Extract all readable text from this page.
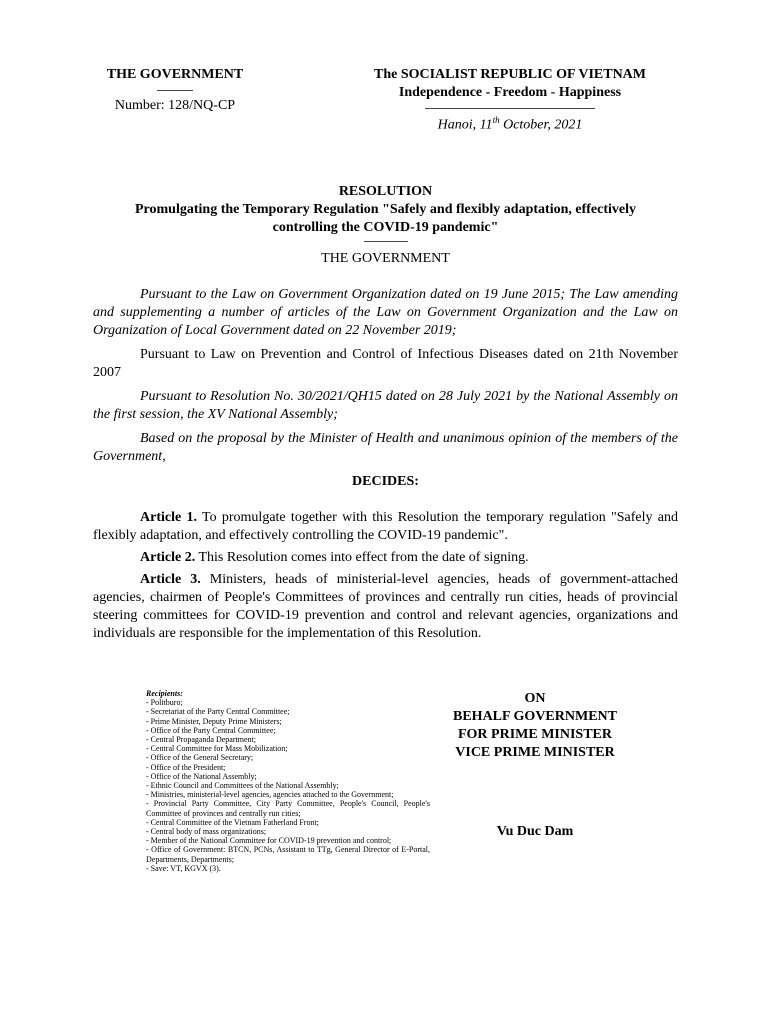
THE GOVERNMENT
Number: 128/NQ-CP
The SOCIALIST REPUBLIC OF VIETNAM
Independence - Freedom - Happiness
Hanoi, 11th October, 2021
RESOLUTION
Promulgating the Temporary Regulation "Safely and flexibly adaptation, effectively
controlling the COVID-19 pandemic"
THE GOVERNMENT

Pursuant to the Law on Government Organization dated on 19 June 2015; The Law amending and supplementing a number of articles of the Law on Government Organization and the Law on Organization of Local Government dated on 22 November 2019;

Pursuant to Law on Prevention and Control of Infectious Diseases dated on 21th November 2007

Pursuant to Resolution No. 30/2021/QH15 dated on 28 July 2021 by the National Assembly on the first session, the XV National Assembly;

Based on the proposal by the Minister of Health and unanimous opinion of the members of the Government,

DECIDES:

Article 1. To promulgate together with this Resolution the temporary regulation "Safely and flexibly adaptation, and effectively controlling the COVID-19 pandemic".

Article 2. This Resolution comes into effect from the date of signing.

Article 3. Ministers, heads of ministerial-level agencies, heads of government-attached agencies, chairmen of People's Committees of provinces and centrally run cities, heads of provincial steering committees for COVID-19 prevention and control and relevant agencies, organizations and individuals are responsible for the implementation of this Resolution.

Recipients:
- Politburo;
- Secretariat of the Party Central Committee;
- Prime Minister, Deputy Prime Ministers;
- Office of the Party Central Committee;
- Central Propaganda Department;
- Central Committee for Mass Mobilization;
- Office of the General Secretary;
- Office of the President;
- Office of the National Assembly;
- Ethnic Council and Committees of the National Assembly;
- Ministries, ministerial-level agencies, agencies attached to the Government;
- Provincial Party Committee, City Party Committee, People's Council, People's Committee of provinces and centrally run cities;
- Central Committee of the Vietnam Fatherland Front;
- Central body of mass organizations;
- Member of the National Committee for COVID-19 prevention and control;
- Office of Government: BTCN, PCNs, Assistant to TTg, General Director of E-Portal, Departments, Departments;
- Save: VT, KGVX (3).
ON
BEHALF GOVERNMENT
FOR PRIME MINISTER
VICE PRIME MINISTER
Vu Duc Dam
